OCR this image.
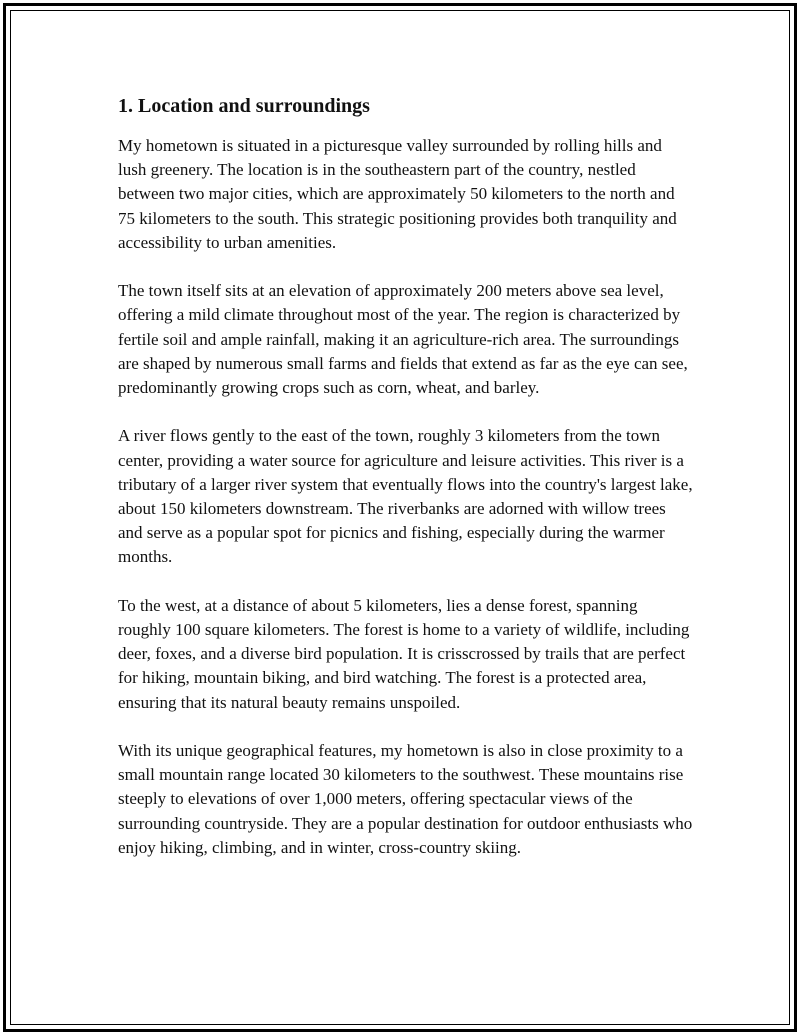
1. Location and surroundings

My hometown is situated in a picturesque valley surrounded by rolling hills and lush greenery. The location is in the southeastern part of the country, nestled between two major cities, which are approximately 50 kilometers to the north and 75 kilometers to the south. This strategic positioning provides both tranquility and accessibility to urban amenities.

The town itself sits at an elevation of approximately 200 meters above sea level, offering a mild climate throughout most of the year. The region is characterized by fertile soil and ample rainfall, making it an agriculture-rich area. The surroundings are shaped by numerous small farms and fields that extend as far as the eye can see, predominantly growing crops such as corn, wheat, and barley.

A river flows gently to the east of the town, roughly 3 kilometers from the town center, providing a water source for agriculture and leisure activities. This river is a tributary of a larger river system that eventually flows into the country's largest lake, about 150 kilometers downstream. The riverbanks are adorned with willow trees and serve as a popular spot for picnics and fishing, especially during the warmer months.

To the west, at a distance of about 5 kilometers, lies a dense forest, spanning roughly 100 square kilometers. The forest is home to a variety of wildlife, including deer, foxes, and a diverse bird population. It is crisscrossed by trails that are perfect for hiking, mountain biking, and bird watching. The forest is a protected area, ensuring that its natural beauty remains unspoiled.

With its unique geographical features, my hometown is also in close proximity to a small mountain range located 30 kilometers to the southwest. These mountains rise steeply to elevations of over 1,000 meters, offering spectacular views of the surrounding countryside. They are a popular destination for outdoor enthusiasts who enjoy hiking, climbing, and in winter, cross-country skiing.
